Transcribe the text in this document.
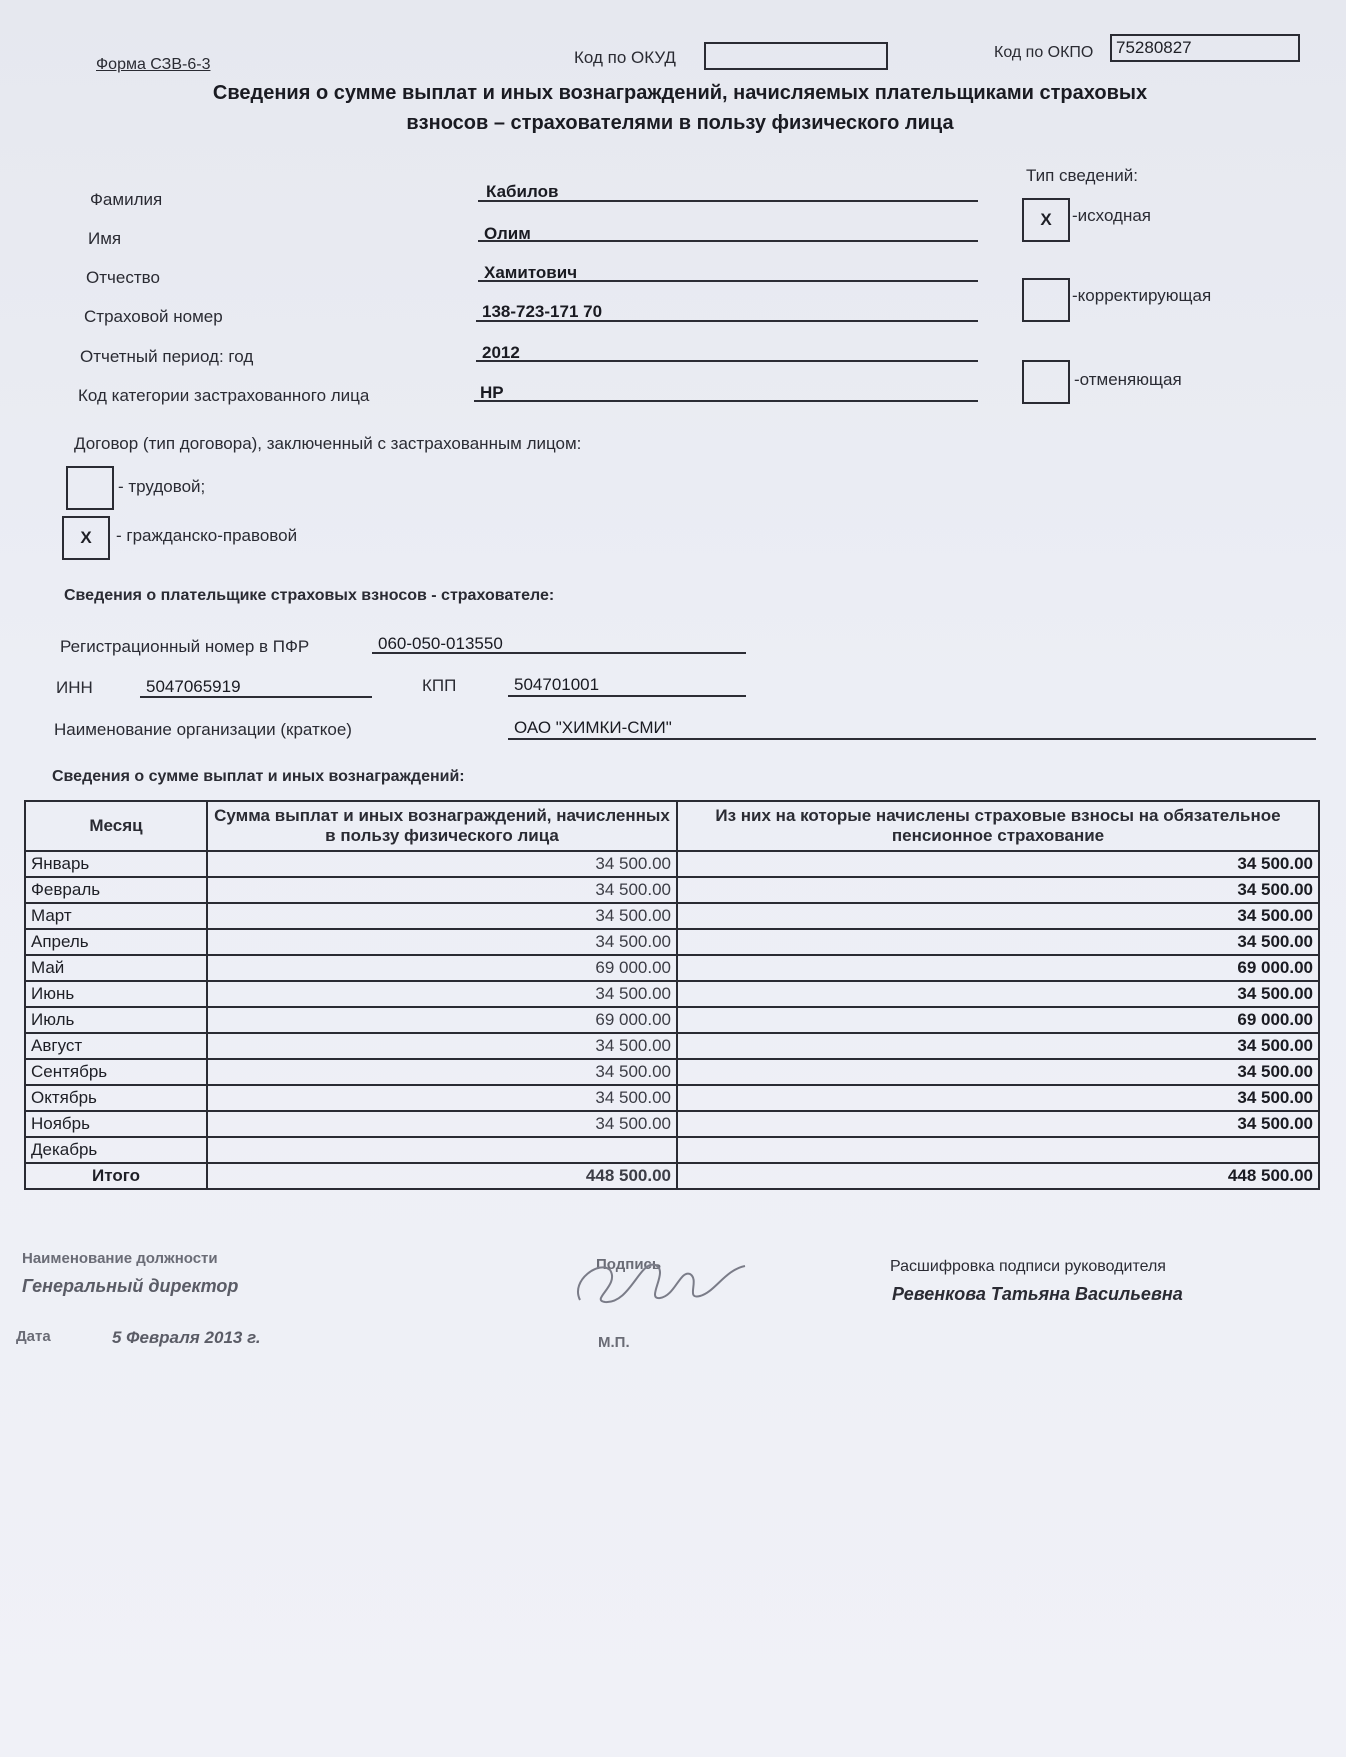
Форма СЗВ-6-3	Код по ОКУД	Код по ОКПО	75280827
Сведения о сумме выплат и иных вознаграждений, начисляемых плательщиками страховых
взносов – страхователями в пользу физического лица
Фамилия	Кабилов
Имя	Олим
Отчество	Хамитович
Страховой номер	138-723-171 70
Отчетный период: год	2012
Код категории застрахованного лица	НР
Тип сведений:
X	-исходная
-корректирующая
-отменяющая
Договор (тип договора), заключенный с застрахованным лицом:
- трудовой;
X	- гражданско-правовой
Сведения о плательщике страховых взносов - страхователе:
Регистрационный номер в ПФР	060-050-013550
ИНН	5047065919	КПП	504701001
Наименование организации (краткое)	ОАО "ХИМКИ-СМИ"
Сведения о сумме выплат и иных вознаграждений:
Месяц	Сумма выплат и иных вознаграждений, начисленных в пользу физического лица	Из них на которые начислены страховые взносы на обязательное пенсионное страхование
Январь	34 500.00	34 500.00
Февраль	34 500.00	34 500.00
Март	34 500.00	34 500.00
Апрель	34 500.00	34 500.00
Май	69 000.00	69 000.00
Июнь	34 500.00	34 500.00
Июль	69 000.00	69 000.00
Август	34 500.00	34 500.00
Сентябрь	34 500.00	34 500.00
Октябрь	34 500.00	34 500.00
Ноябрь	34 500.00	34 500.00
Декабрь		
Итого	448 500.00	448 500.00
Наименование должности
Генеральный директор
Подпись
М.П.
Расшифровка подписи руководителя
Ревенкова Татьяна Васильевна
Дата	5 Февраля 2013 г.
